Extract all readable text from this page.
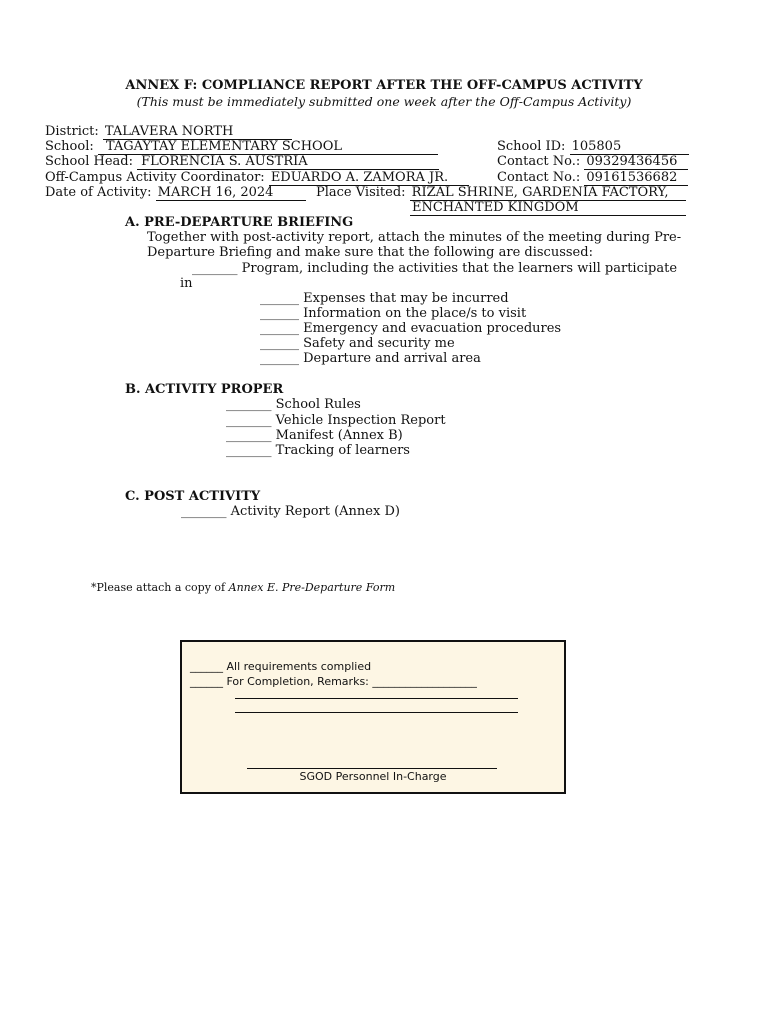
ANNEX F: COMPLIANCE REPORT AFTER THE OFF-CAMPUS ACTIVITY
(This must be immediately submitted one week after the Off-Campus Activity)
District: TALAVERA NORTH
School: TAGAYTAY ELEMENTARY SCHOOL	School ID: 105805
School Head: FLORENCIA S. AUSTRIA	Contact No.: 09329436456
Off-Campus Activity Coordinator: EDUARDO A. ZAMORA JR.	Contact No.: 09161536682
Date of Activity: MARCH 16, 2024	Place Visited: RIZAL SHRINE, GARDENIA FACTORY,
ENCHANTED KINGDOM
A. PRE-DEPARTURE BRIEFING
Together with post-activity report, attach the minutes of the meeting during Pre-
Departure Briefing and make sure that the following are discussed:
_______ Program, including the activities that the learners will participate
in
______ Expenses that may be incurred
______ Information on the place/s to visit
______ Emergency and evacuation procedures
______ Safety and security me
______ Departure and arrival area
B. ACTIVITY PROPER
_______ School Rules
_______ Vehicle Inspection Report
_______ Manifest (Annex B)
_______ Tracking of learners
C. POST ACTIVITY
_______ Activity Report (Annex D)
*Please attach a copy of Annex E. Pre-Departure Form
______ All requirements complied
______ For Completion, Remarks: ___________________
SGOD Personnel In-Charge
